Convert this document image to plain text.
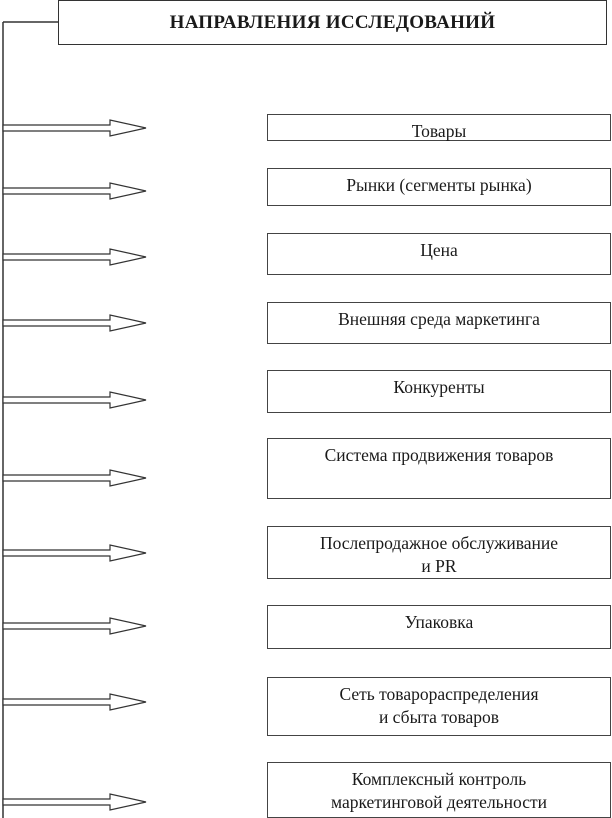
НАПРАВЛЕНИЯ ИССЛЕДОВАНИЙ
Товары
Рынки (сегменты рынка)
Цена
Внешняя среда маркетинга
Конкуренты
Система продвижения товаров
Послепродажное обслуживание
и PR
Упаковка
Сеть товарораспределения
и сбыта товаров
Комплексный контроль
маркетинговой деятельности
